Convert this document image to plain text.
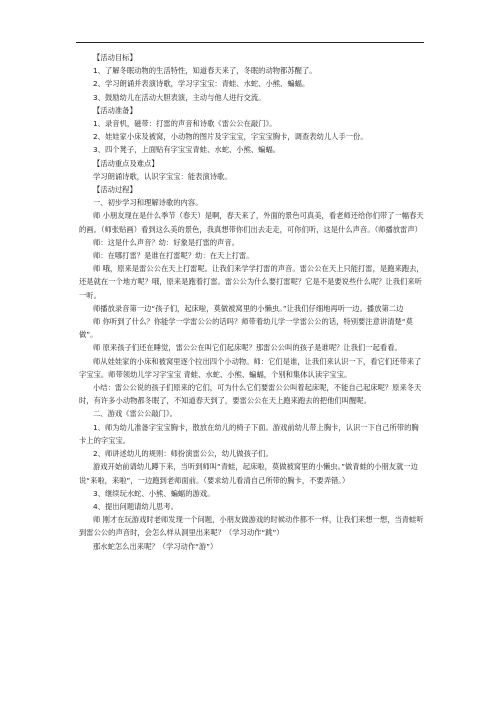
【活动目标】

1、了解冬眠动物的生活特性，知道春天来了，冬眠的动物都苏醒了。

2、学习朗诵并表演诗歌，学习字宝宝：青蛙、水蛇、小熊、蝙蝠。

3、鼓励幼儿在活动大胆表演，主动与他人进行交流。

【活动准备】

1、录音机，磁带：打雷的声音和诗歌《雷公公在敲门》。

2、娃娃家小床及被窝，小动物的图片及字宝宝，字宝宝胸卡，调查表幼儿人手一份。

3、四个凳子，上面贴有字宝宝青蛙、水蛇、小熊、蝙蝠。

【活动重点及难点】

学习朗诵诗歌，认识字宝宝：能表演诗歌。

【活动过程】

一、初步学习和理解诗歌的内容。

师 小朋友现在是什么季节（春天）是啊，春天来了，外面的景色可真美，看老师还给你们带了一幅春天的画。（师张贴画）看到这么美的景色，我真想带你们出去走走，可你们听，这是什么声音。（师播放雷声）

师：这是什么声音？幼：好象是打雷的声音。

师：在哪打雷？是谁在打雷呢？幼：在天上打雷。

师 哦，原来是雷公公在天上打雷呢。让我们来学学打雷的声音。雷公公在天上只能打雷，是跑来跑去，还是就在一个地方呢？哦，原来是跑着打雷。雷公公为什么要打雷呢？它是不是要说些什么呢？让我们来听一听。

师播放录音第一边“孩子们，起床啦，莫做被窝里的小懒虫。”让我们仔细地再听一边。播放第二边

师 你听到了什么？你能学一学雷公公的话吗？师带着幼儿学一学雷公公的话，特别要注意讲清楚“莫做”。

师 原来孩子们还在睡觉，雷公公在叫它们起床呢？那雷公公叫的孩子是谁呢？让我们一起看看。

师从娃娃家的小床和被窝里逐个拉出四个小动物。师：它们是谁，让我们来认识一下，看它们还带来了字宝宝。师带领幼儿学习字宝宝 青蛙、水蛇、小熊、蝙蝠，个别和集体认读字宝宝。

小结：雷公公说的孩子们原来的它们，可为什么它们要雷公公叫着起床呢，不能自己起床呢？原来冬天时，有许多小动物都冬眠了，不知道春天到了，要雷公公在天上跑来跑去的把他们叫醒呢。

二、游戏《雷公公敲门》。

1、师为幼儿准备字宝宝胸卡，散放在幼儿的椅子下面。游戏前幼儿带上胸卡，认识一下自己所带的胸卡上的字宝宝。

2、师讲述幼儿的规则：师扮演雷公公，幼儿做孩子们。

游戏开始前请幼儿蹲下来，当听到师叫“青蛙，起床啦，莫做被窝里的小懒虫。”做青蛙的小朋友就一边说“来啦，来啦”，一边跑到老师面前。（要求幼儿看清自己所带的胸卡，不要弄错。）

3、继续玩水蛇、小熊、蝙蝠的游戏。

4、提出问题请幼儿思考。

师 刚才在玩游戏时老师发现一个问题，小朋友做游戏的时候动作都不一样，让我们来想一想，当青蛙听到雷公公的声音时，会怎么样从洞里出来呢？（学习动作“跳”）

那水蛇怎么出来呢？（学习动作“游”）
